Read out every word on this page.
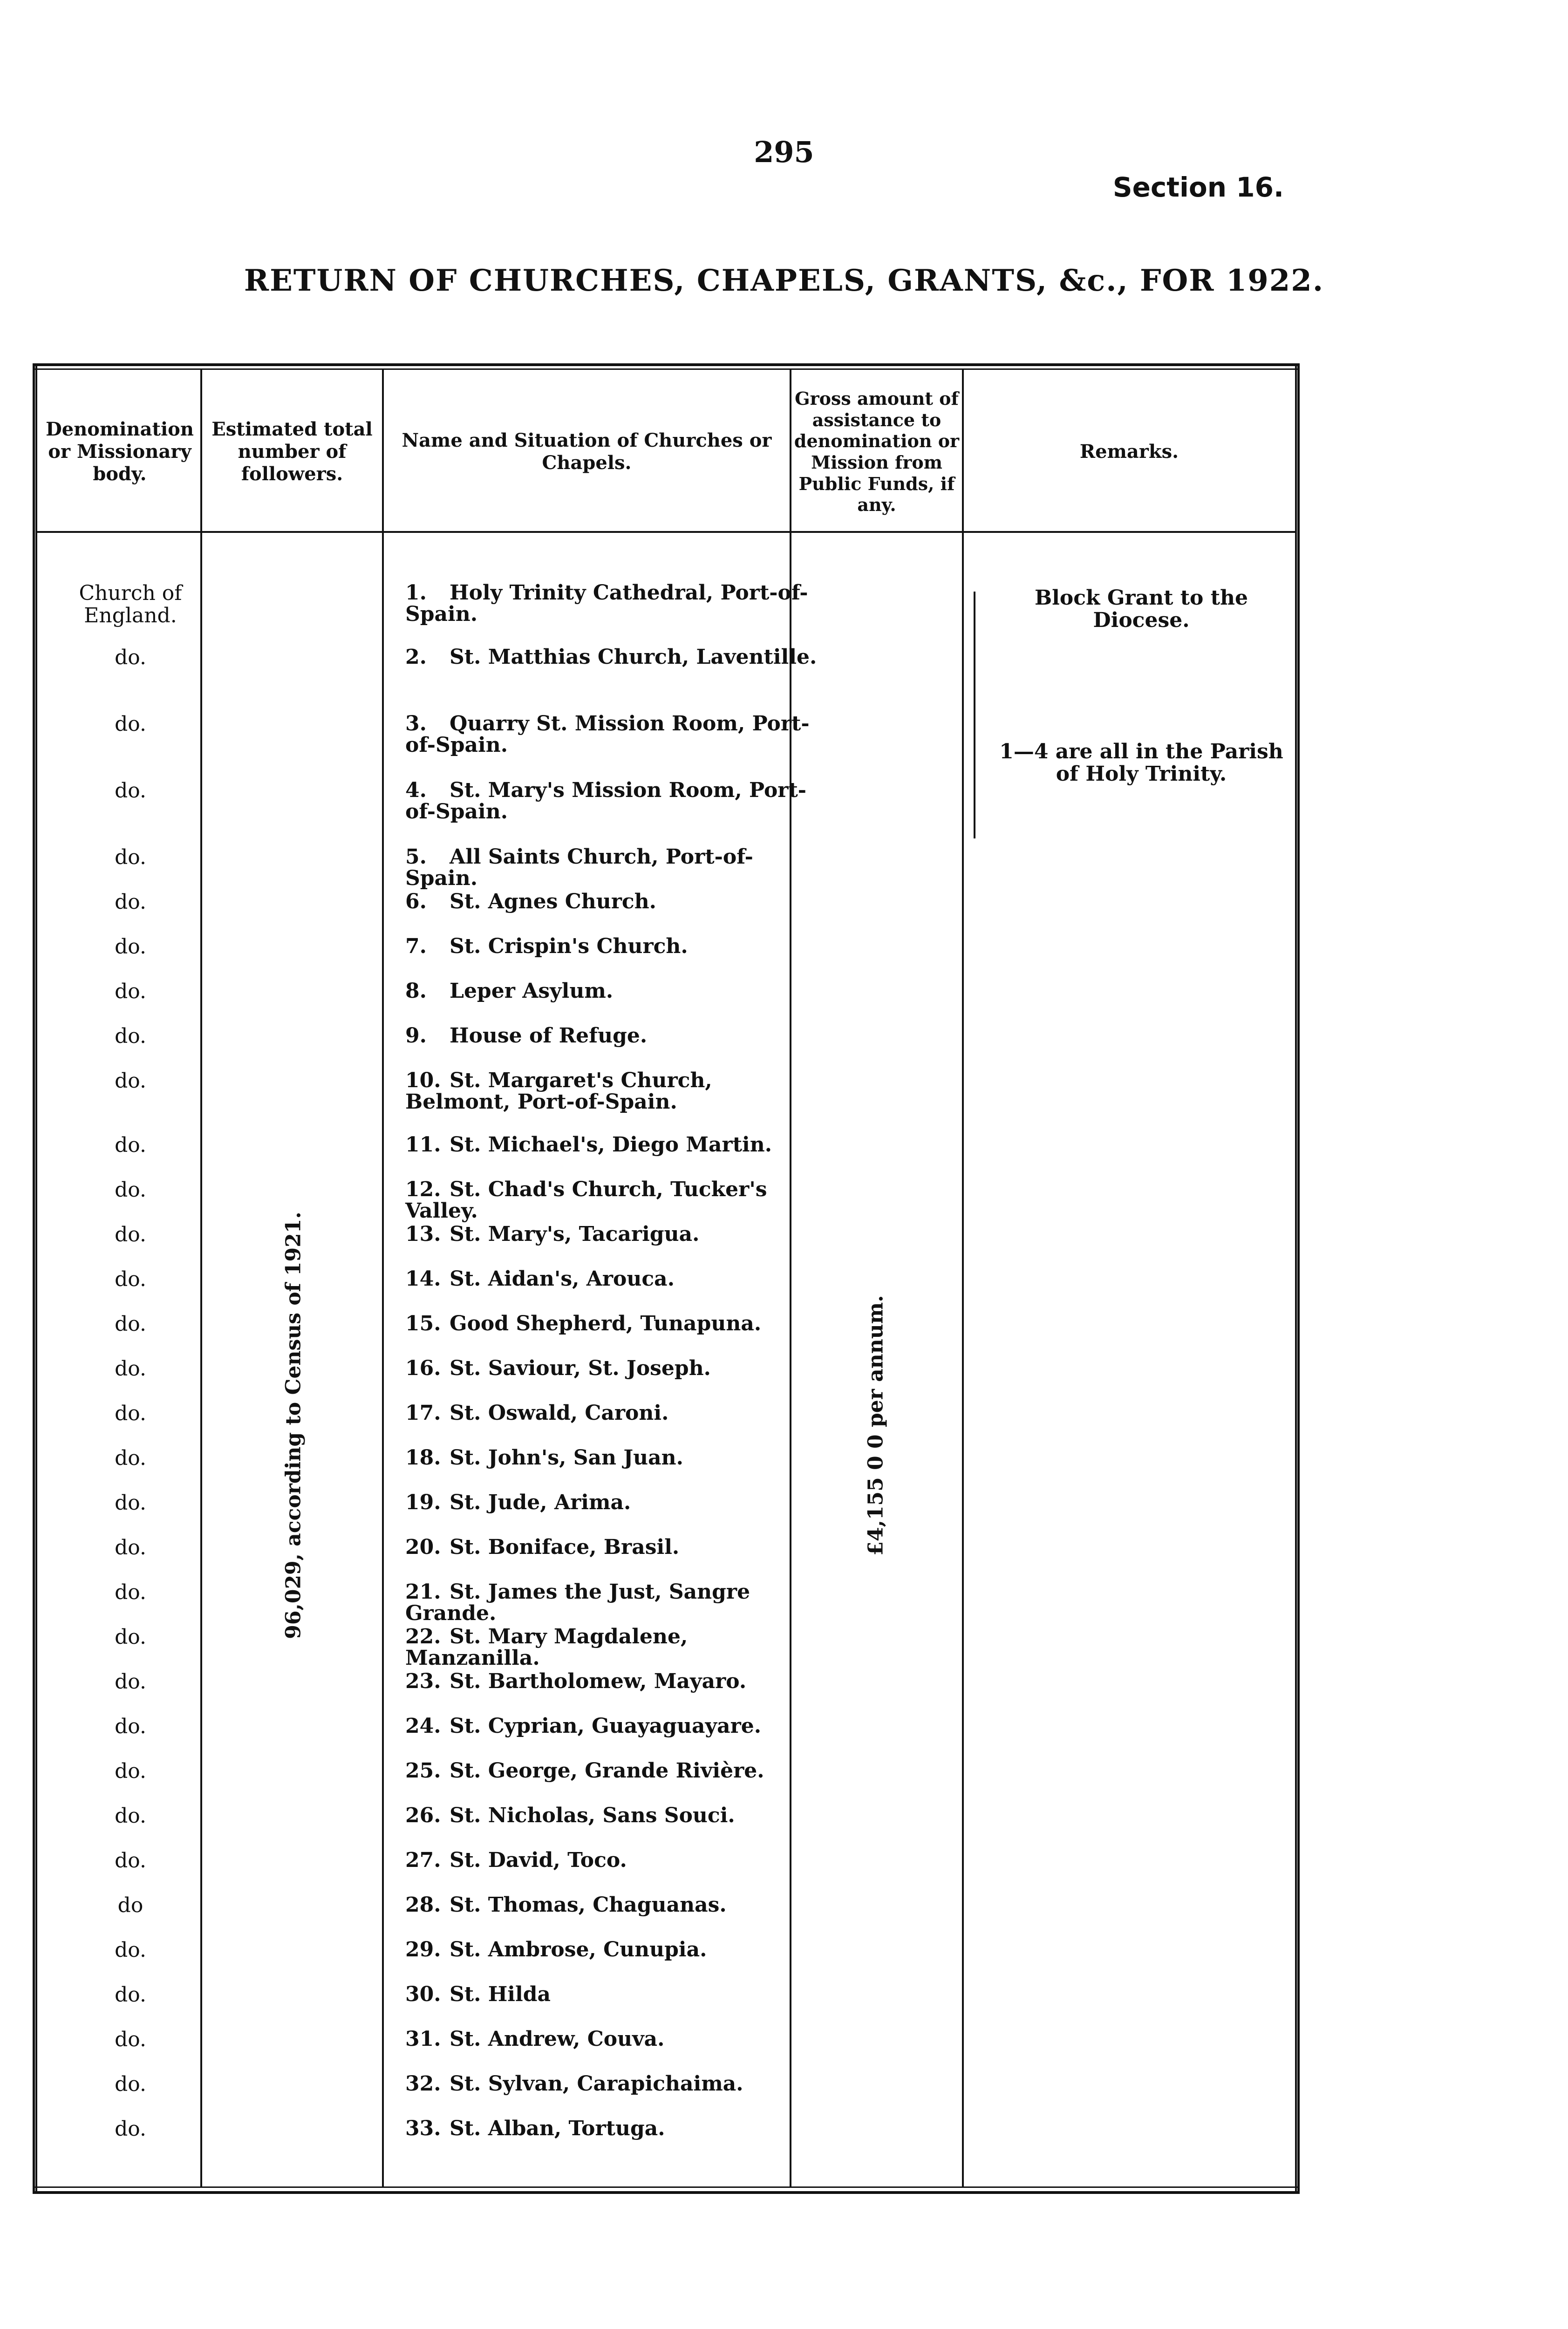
295
Section 16.
RETURN OF CHURCHES, CHAPELS, GRANTS, &c., FOR 1922.
Denomination or Missionary body.
Estimated total number of followers.
Name and Situation of Churches or Chapels.
Gross amount of assistance to denomination or Mission from Public Funds, if any.
Remarks.
Church of England.
1. Holy Trinity Cathedral, Port-of-Spain.
do.	2. St. Matthias Church, Laventille.
do.	3. Quarry St. Mission Room, Port-of-Spain.
do.	4. St. Mary's Mission Room, Port-of-Spain.
do.	5. All Saints Church, Port-of-Spain.
do.	6. St. Agnes Church.
do.	7. St. Crispin's Church.
do.	8. Leper Asylum.
do.	9. House of Refuge.
do.	10. St. Margaret's Church, Belmont, Port-of-Spain.
do.	11. St. Michael's, Diego Martin.
do.	12. St. Chad's Church, Tucker's Valley.
do.	13. St. Mary's, Tacarigua.
do.	14. St. Aidan's, Arouca.
do.	15. Good Shepherd, Tunapuna.
do.	16. St. Saviour, St. Joseph.
do.	17. St. Oswald, Caroni.
do.	18. St. John's, San Juan.
do.	19. St. Jude, Arima.
do.	20. St. Boniface, Brasil.
do.	21. St. James the Just, Sangre Grande.
do.	22. St. Mary Magdalene, Manzanilla.
do.	23. St. Bartholomew, Mayaro.
do.	24. St. Cyprian, Guayaguayare.
do.	25. St. George, Grande Rivière.
do.	26. St. Nicholas, Sans Souci.
do.	27. St. David, Toco.
do	28. St. Thomas, Chaguanas.
do.	29. St. Ambrose, Cunupia.
do.	30. St. Hilda
do.	31. St. Andrew, Couva.
do.	32. St. Sylvan, Carapichaima.
do.	33. St. Alban, Tortuga.
96,029, according to Census of 1921.	£4,155 0 0 per annum.
Block Grant to the Diocese.
1—4 are all in the Parish of Holy Trinity.
